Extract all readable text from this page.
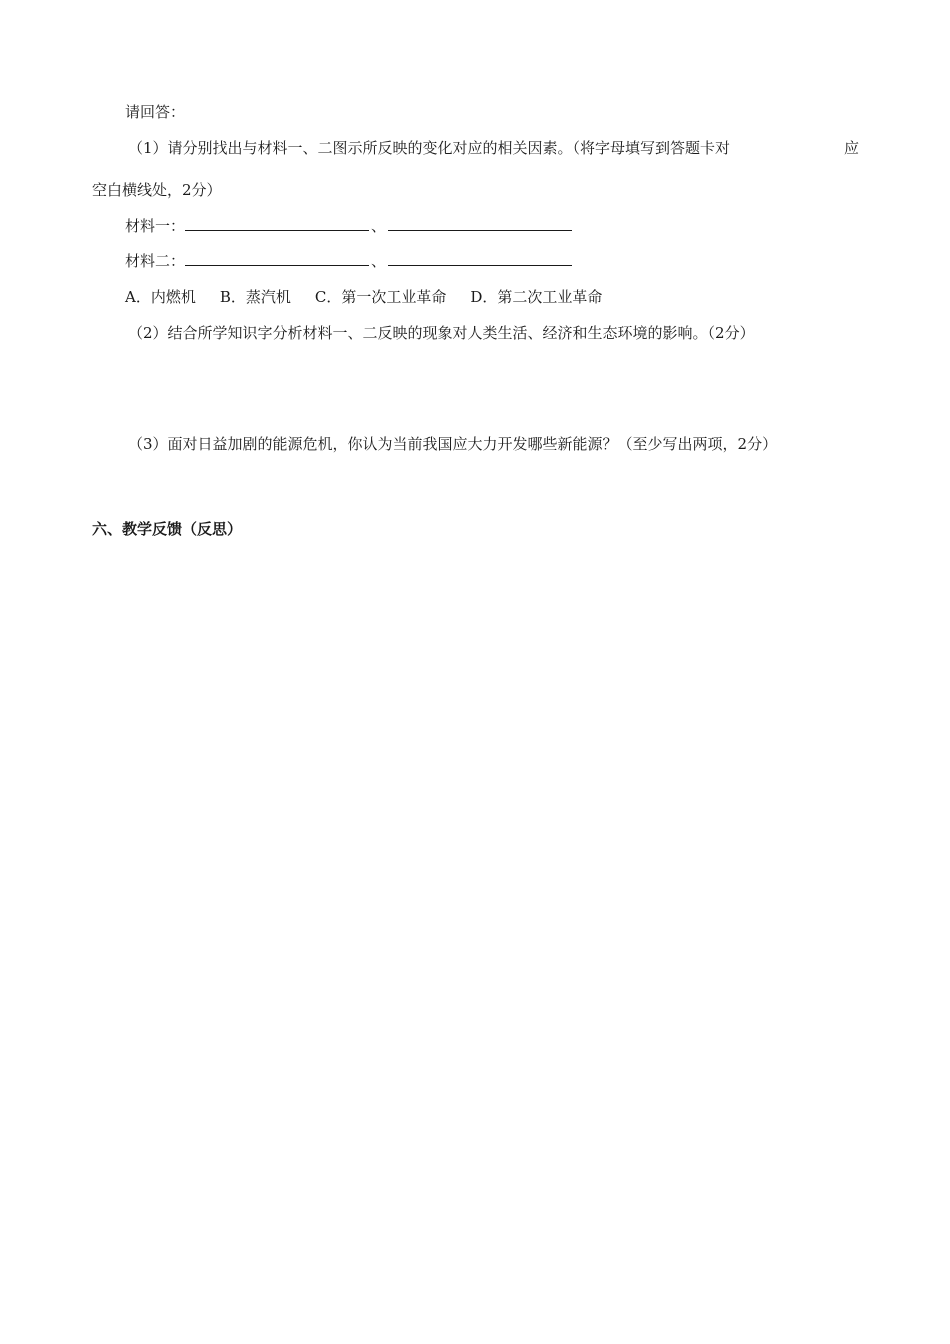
请回答：
（1）请分别找出与材料一、二图示所反映的变化对应的相关因素。（将字母填写到答题卡对	应
空白横线处，2分）
材料一：	、
材料二：	、
A．内燃机 B．蒸汽机 C．第一次工业革命 D．第二次工业革命
（2）结合所学知识字分析材料一、二反映的现象对人类生活、经济和生态环境的影响。（2分）
（3）面对日益加剧的能源危机，你认为当前我国应大力开发哪些新能源？（至少写出两项，2分）
六、教学反馈（反思）
